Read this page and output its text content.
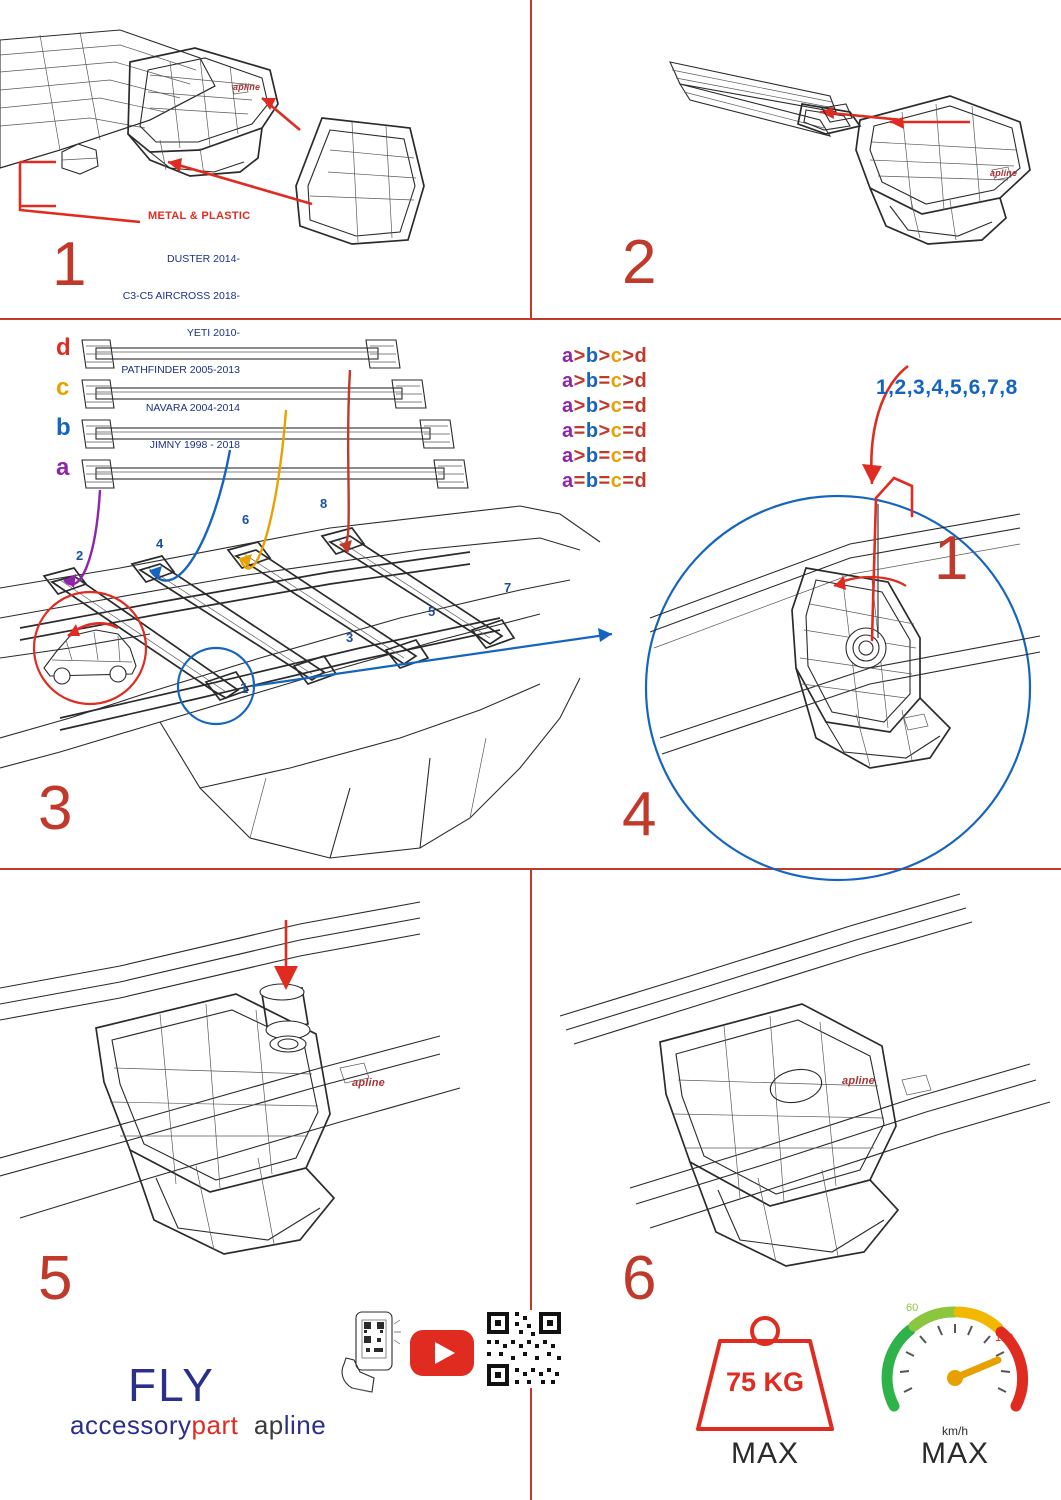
apline
METAL & PLASTIC

DUSTER 2014-

C3-C5 AIRCROSS 2018-

YETI 2010-

PATHFINDER 2005-2013

NAVARA 2004-2014

JIMNY 1998 - 2018

1
apline
2
d
c
b
a
a>b>c>d
a>b=c>d
a>b>c=d
a=b>c=d
a>b=c=d
a=b=c=d
2
4
6
8
7
5
3
1
3
1,2,3,4,5,6,7,8
1
4
apline
5
FLY
accessorypart apline
apline
6
75 KG
MAX
60
120
km/h
MAX
